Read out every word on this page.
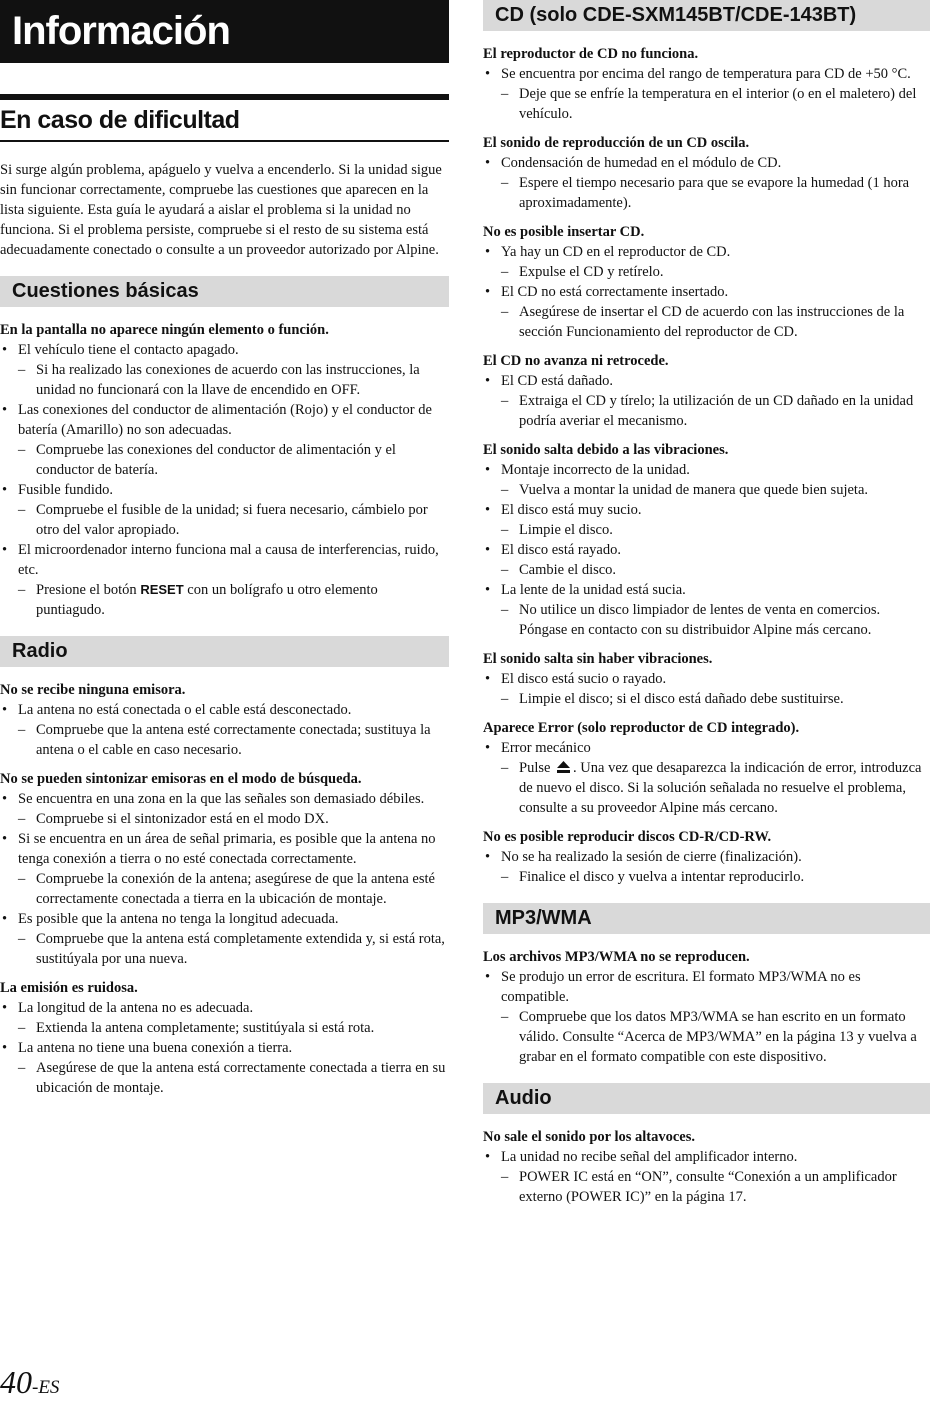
Información
En caso de dificultad

Si surge algún problema, apáguelo y vuelva a encenderlo. Si la unidad sigue sin funcionar correctamente, compruebe las cuestiones que aparecen en la lista siguiente. Esta guía le ayudará a aislar el problema si la unidad no funciona. Si el problema persiste, compruebe si el resto de su sistema está adecuadamente conectado o consulte a un proveedor autorizado por Alpine.

Cuestiones básicas
En la pantalla no aparece ningún elemento o función.
• El vehículo tiene el contacto apagado.
– Si ha realizado las conexiones de acuerdo con las instrucciones, la unidad no funcionará con la llave de encendido en OFF.
• Las conexiones del conductor de alimentación (Rojo) y el conductor de batería (Amarillo) no son adecuadas.
– Compruebe las conexiones del conductor de alimentación y el conductor de batería.
• Fusible fundido.
– Compruebe el fusible de la unidad; si fuera necesario, cámbielo por otro del valor apropiado.
• El microordenador interno funciona mal a causa de interferencias, ruido, etc.
– Presione el botón RESET con un bolígrafo u otro elemento puntiagudo.
Radio
No se recibe ninguna emisora.
• La antena no está conectada o el cable está desconectado.
– Compruebe que la antena esté correctamente conectada; sustituya la antena o el cable en caso necesario.
No se pueden sintonizar emisoras en el modo de búsqueda.
• Se encuentra en una zona en la que las señales son demasiado débiles.
– Compruebe si el sintonizador está en el modo DX.
• Si se encuentra en un área de señal primaria, es posible que la antena no tenga conexión a tierra o no esté conectada correctamente.
– Compruebe la conexión de la antena; asegúrese de que la antena esté correctamente conectada a tierra en la ubicación de montaje.
• Es posible que la antena no tenga la longitud adecuada.
– Compruebe que la antena está completamente extendida y, si está rota, sustitúyala por una nueva.
La emisión es ruidosa.
• La longitud de la antena no es adecuada.
– Extienda la antena completamente; sustitúyala si está rota.
• La antena no tiene una buena conexión a tierra.
– Asegúrese de que la antena está correctamente conectada a tierra en su ubicación de montaje.
CD (solo CDE-SXM145BT/CDE-143BT)
El reproductor de CD no funciona.
• Se encuentra por encima del rango de temperatura para CD de +50 °C.
– Deje que se enfríe la temperatura en el interior (o en el maletero) del vehículo.
El sonido de reproducción de un CD oscila.
• Condensación de humedad en el módulo de CD.
– Espere el tiempo necesario para que se evapore la humedad (1 hora aproximadamente).
No es posible insertar CD.
• Ya hay un CD en el reproductor de CD.
– Expulse el CD y retírelo.
• El CD no está correctamente insertado.
– Asegúrese de insertar el CD de acuerdo con las instrucciones de la sección Funcionamiento del reproductor de CD.
El CD no avanza ni retrocede.
• El CD está dañado.
– Extraiga el CD y tírelo; la utilización de un CD dañado en la unidad podría averiar el mecanismo.
El sonido salta debido a las vibraciones.
• Montaje incorrecto de la unidad.
– Vuelva a montar la unidad de manera que quede bien sujeta.
• El disco está muy sucio.
– Limpie el disco.
• El disco está rayado.
– Cambie el disco.
• La lente de la unidad está sucia.
– No utilice un disco limpiador de lentes de venta en comercios. Póngase en contacto con su distribuidor Alpine más cercano.
El sonido salta sin haber vibraciones.
• El disco está sucio o rayado.
– Limpie el disco; si el disco está dañado debe sustituirse.
Aparece Error (solo reproductor de CD integrado).
• Error mecánico
– Pulse . Una vez que desaparezca la indicación de error, introduzca de nuevo el disco. Si la solución señalada no resuelve el problema, consulte a su proveedor Alpine más cercano.
No es posible reproducir discos CD-R/CD-RW.
• No se ha realizado la sesión de cierre (finalización).
– Finalice el disco y vuelva a intentar reproducirlo.
MP3/WMA
Los archivos MP3/WMA no se reproducen.
• Se produjo un error de escritura. El formato MP3/WMA no es compatible.
– Compruebe que los datos MP3/WMA se han escrito en un formato válido. Consulte “Acerca de MP3/WMA” en la página 13 y vuelva a grabar en el formato compatible con este dispositivo.
Audio
No sale el sonido por los altavoces.
• La unidad no recibe señal del amplificador interno.
– POWER IC está en “ON”, consulte “Conexión a un amplificador externo (POWER IC)” en la página 17.
40-ES
